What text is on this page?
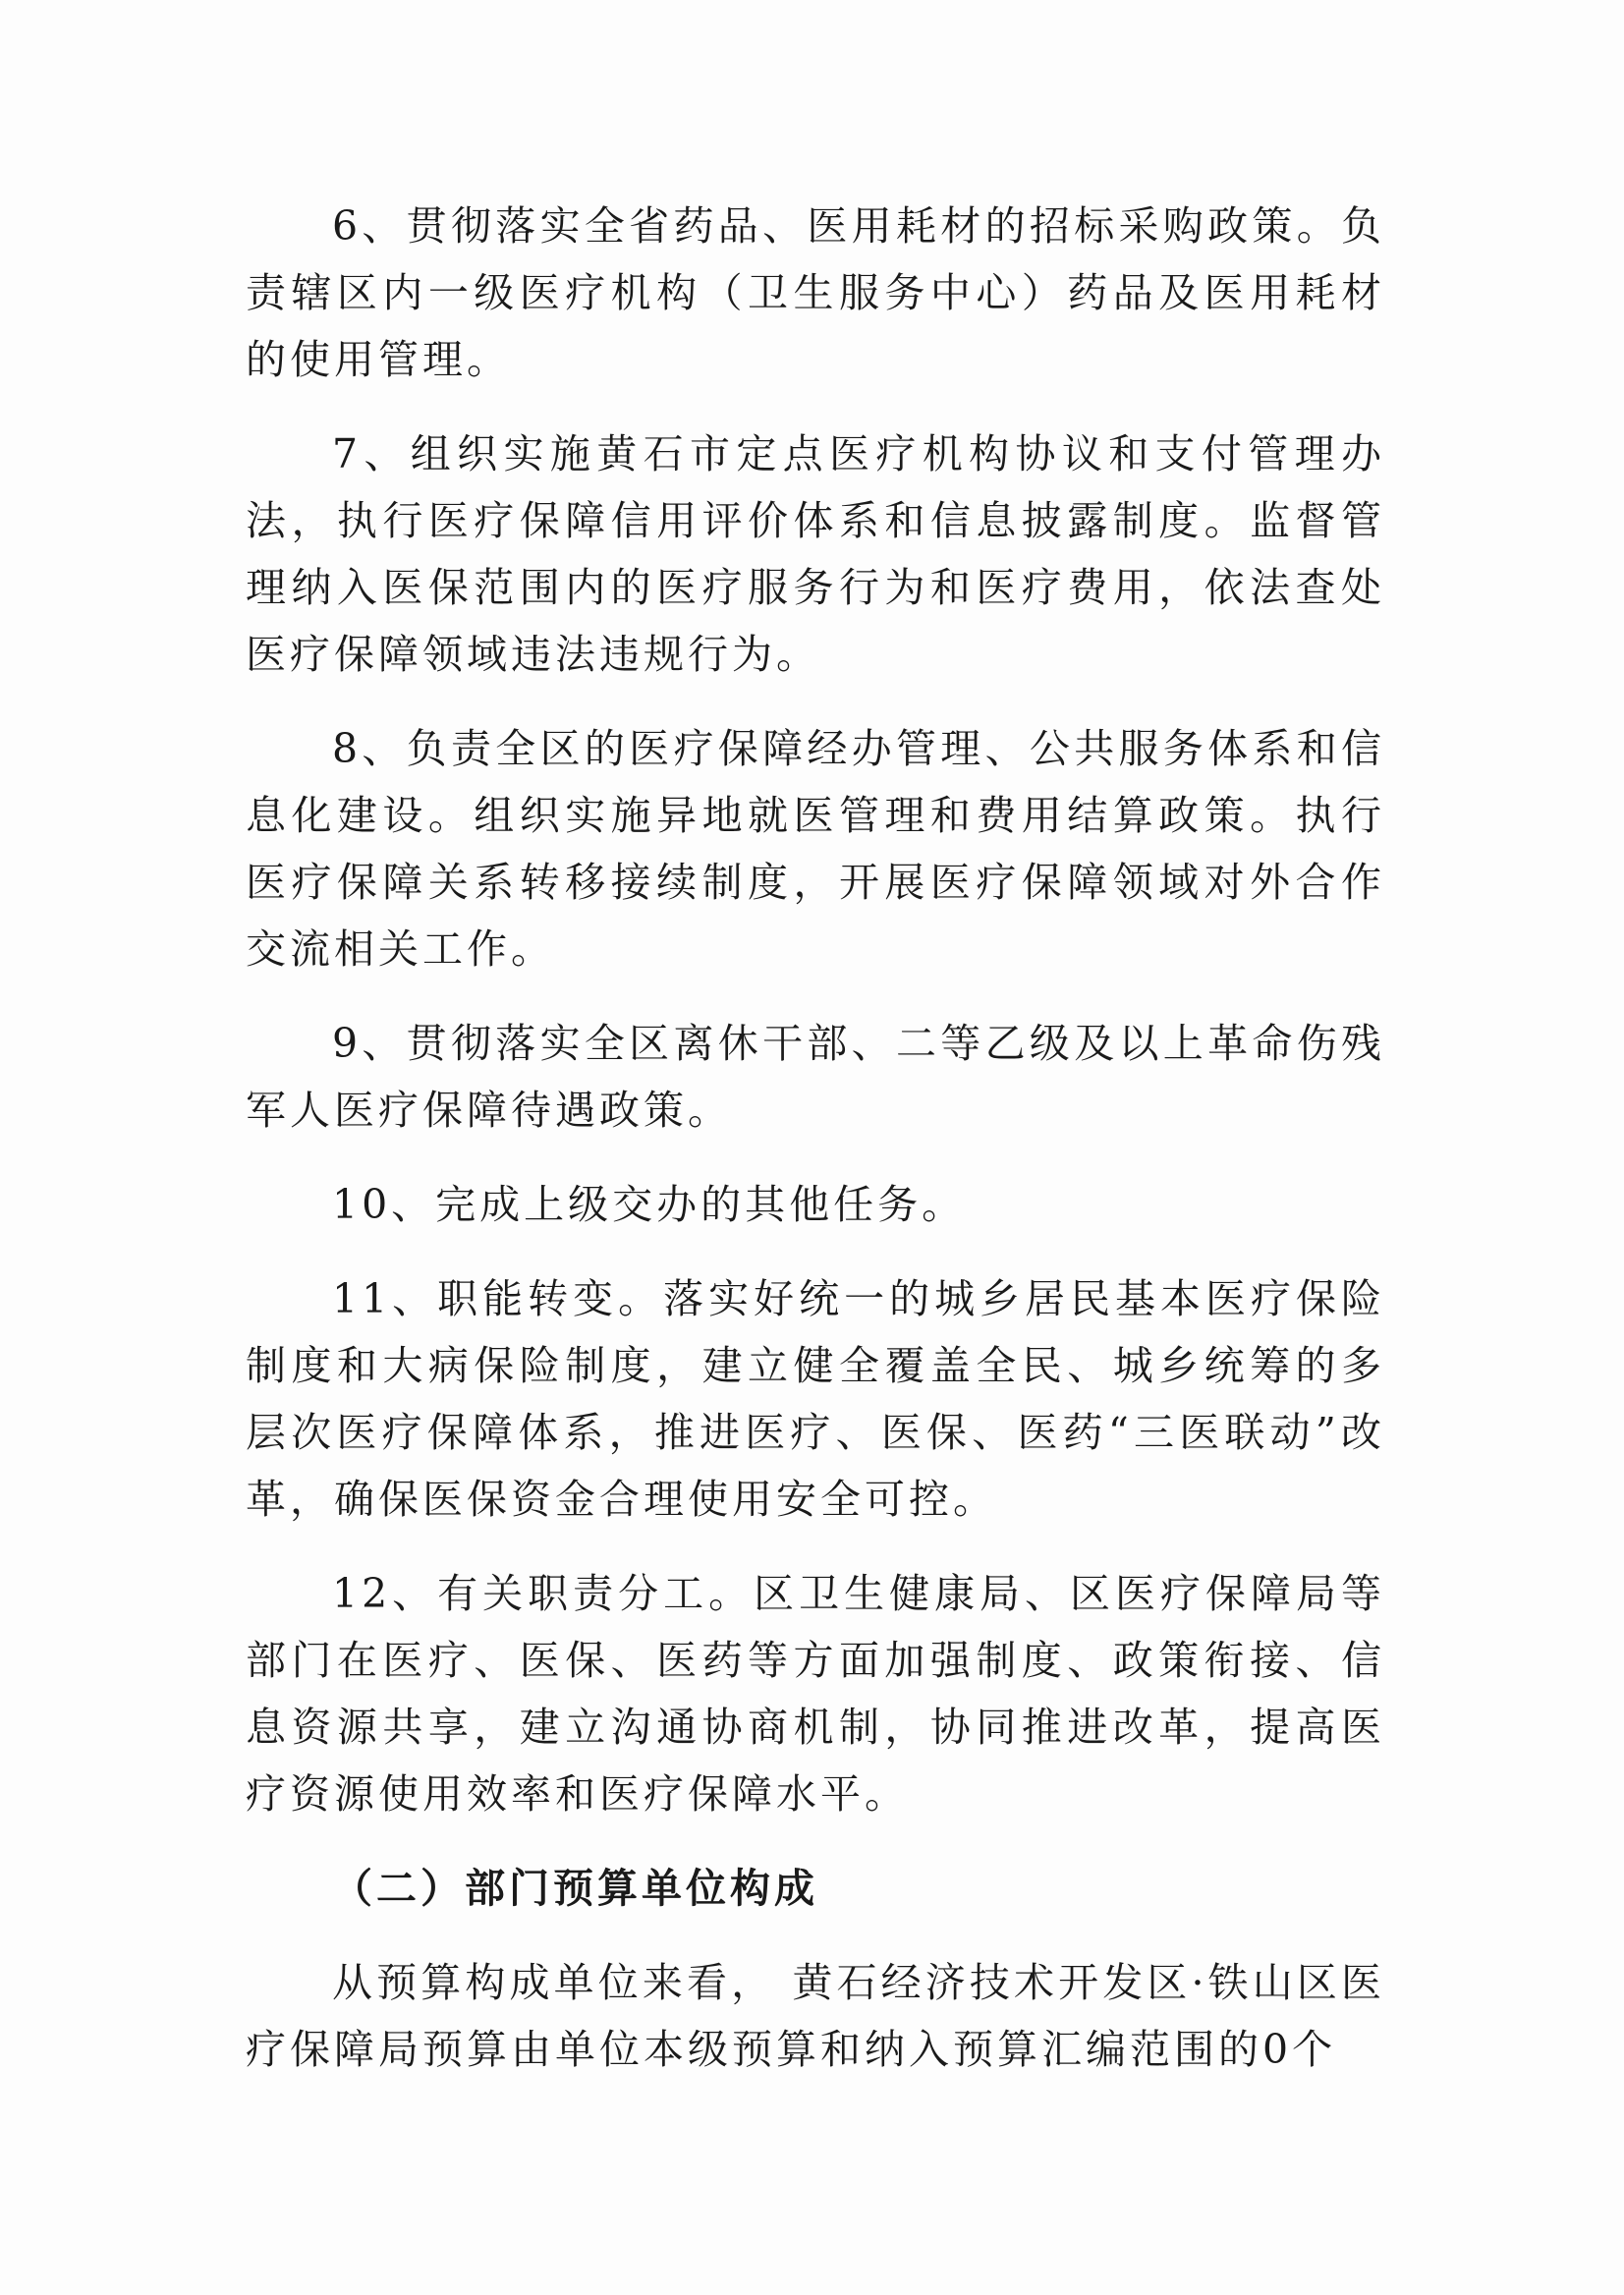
6、贯彻落实全省药品、医用耗材的招标采购政策。负责辖区内一级医疗机构（卫生服务中心）药品及医用耗材的使用管理。

7、组织实施黄石市定点医疗机构协议和支付管理办法，执行医疗保障信用评价体系和信息披露制度。监督管理纳入医保范围内的医疗服务行为和医疗费用，依法查处医疗保障领域违法违规行为。

8、负责全区的医疗保障经办管理、公共服务体系和信息化建设。组织实施异地就医管理和费用结算政策。执行医疗保障关系转移接续制度，开展医疗保障领域对外合作交流相关工作。

9、贯彻落实全区离休干部、二等乙级及以上革命伤残军人医疗保障待遇政策。

10、完成上级交办的其他任务。

11、职能转变。落实好统一的城乡居民基本医疗保险制度和大病保险制度，建立健全覆盖全民、城乡统筹的多层次医疗保障体系，推进医疗、医保、医药“三医联动”改革，确保医保资金合理使用安全可控。

12、有关职责分工。区卫生健康局、区医疗保障局等部门在医疗、医保、医药等方面加强制度、政策衔接、信息资源共享，建立沟通协商机制，协同推进改革，提高医疗资源使用效率和医疗保障水平。

（二）部门预算单位构成

从预算构成单位来看， 黄石经济技术开发区·铁山区医疗保障局预算由单位本级预算和纳入预算汇编范围的0个
